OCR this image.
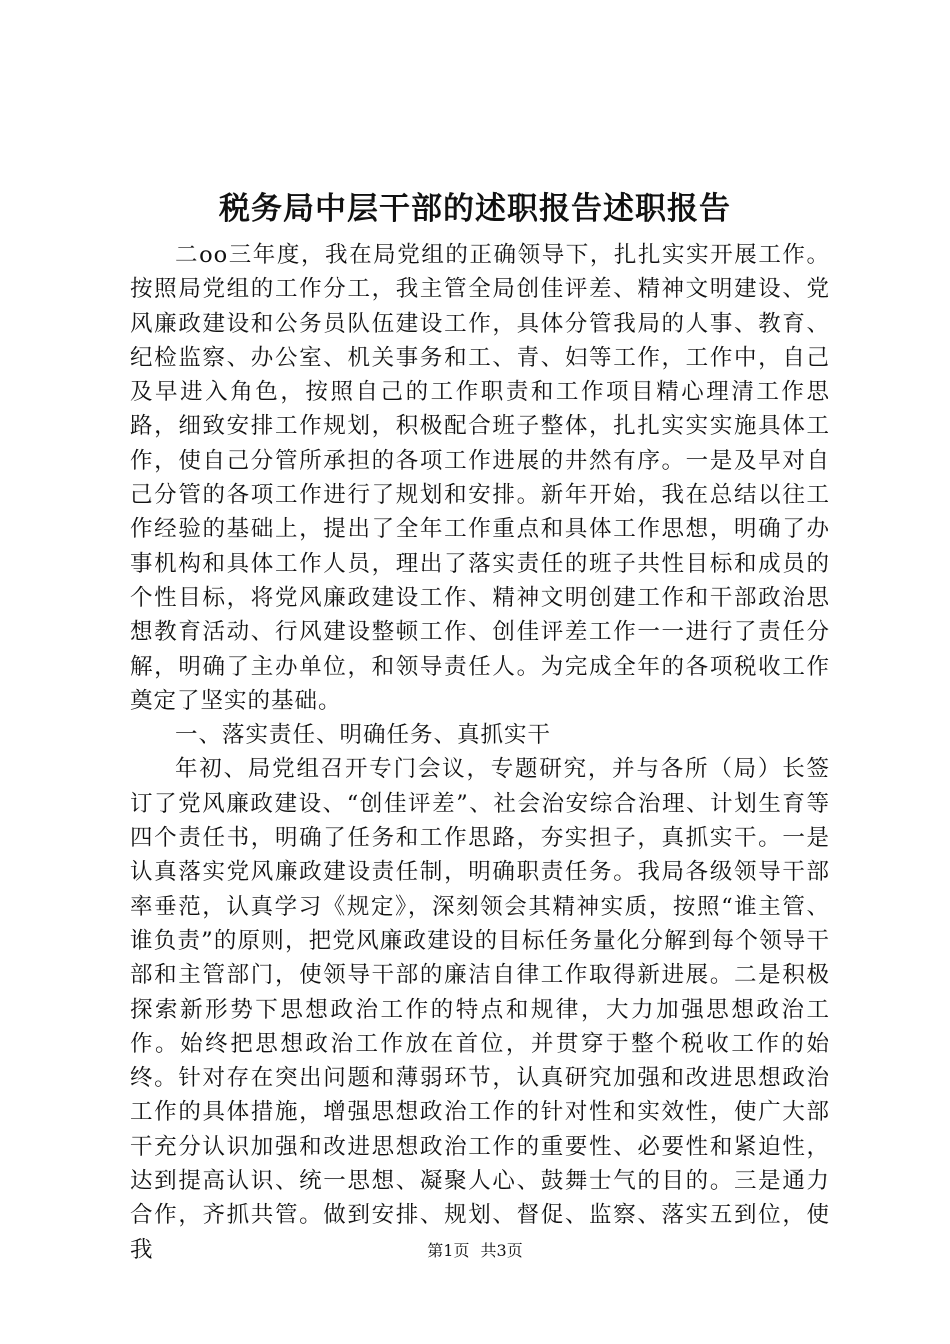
税务局中层干部的述职报告述职报告

二oo三年度，我在局党组的正确领导下，扎扎实实开展工作。按照局党组的工作分工，我主管全局创佳评差、精神文明建设、党风廉政建设和公务员队伍建设工作，具体分管我局的人事、教育、纪检监察、办公室、机关事务和工、青、妇等工作，工作中，自己及早进入角色，按照自己的工作职责和工作项目精心理清工作思路，细致安排工作规划，积极配合班子整体，扎扎实实实施具体工作，使自己分管所承担的各项工作进展的井然有序。一是及早对自己分管的各项工作进行了规划和安排。新年开始，我在总结以往工作经验的基础上，提出了全年工作重点和具体工作思想，明确了办事机构和具体工作人员，理出了落实责任的班子共性目标和成员的个性目标，将党风廉政建设工作、精神文明创建工作和干部政治思想教育活动、行风建设整顿工作、创佳评差工作一一进行了责任分解，明确了主办单位，和领导责任人。为完成全年的各项税收工作奠定了坚实的基础。

一、落实责任、明确任务、真抓实干

年初、局党组召开专门会议，专题研究，并与各所（局）长签订了党风廉政建设、“创佳评差”、社会治安综合治理、计划生育等四个责任书，明确了任务和工作思路，夯实担子，真抓实干。一是认真落实党风廉政建设责任制，明确职责任务。我局各级领导干部率垂范，认真学习《规定》，深刻领会其精神实质，按照“谁主管、谁负责”的原则，把党风廉政建设的目标任务量化分解到每个领导干部和主管部门，使领导干部的廉洁自律工作取得新进展。二是积极探索新形势下思想政治工作的特点和规律，大力加强思想政治工作。始终把思想政治工作放在首位，并贯穿于整个税收工作的始终。针对存在突出问题和薄弱环节，认真研究加强和改进思想政治工作的具体措施，增强思想政治工作的针对性和实效性，使广大部干充分认识加强和改进思想政治工作的重要性、必要性和紧迫性，达到提高认识、统一思想、凝聚人心、鼓舞士气的目的。三是通力合作，齐抓共管。做到安排、规划、督促、监察、落实五到位，使我	第1页 共3页
